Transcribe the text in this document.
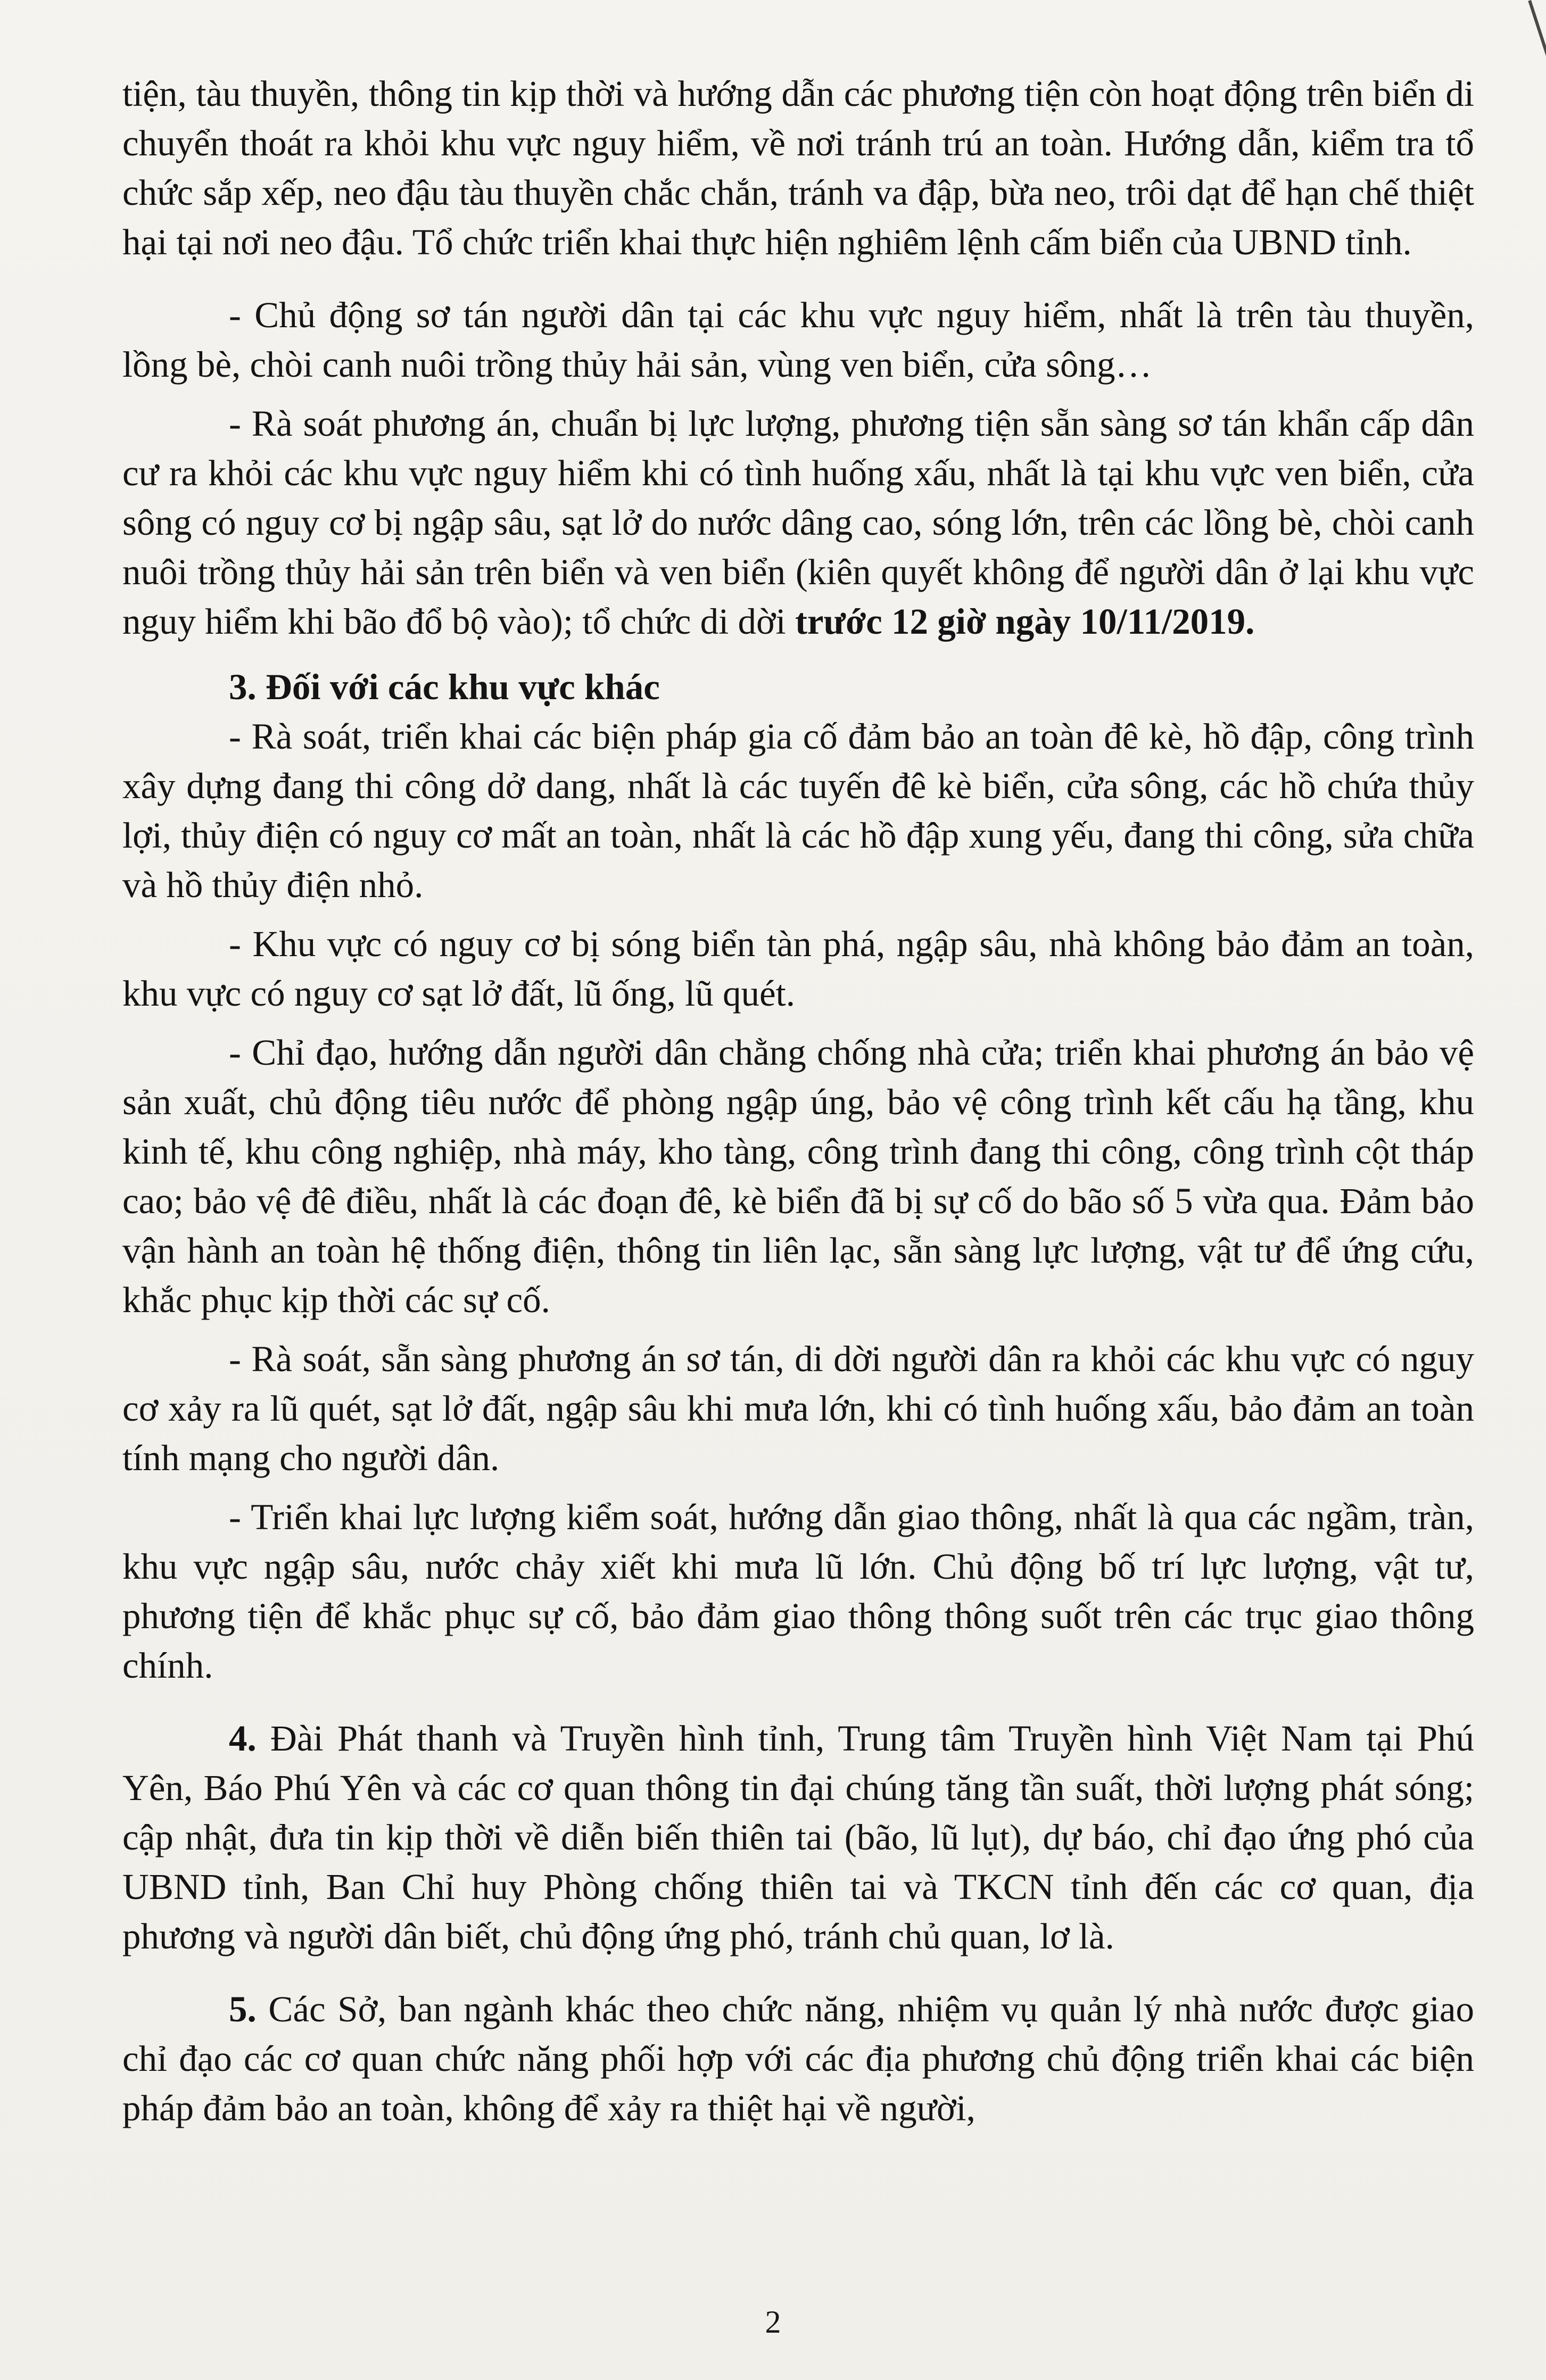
tiện, tàu thuyền, thông tin kịp thời và hướng dẫn các phương tiện còn hoạt động trên biển di chuyển thoát ra khỏi khu vực nguy hiểm, về nơi tránh trú an toàn. Hướng dẫn, kiểm tra tổ chức sắp xếp, neo đậu tàu thuyền chắc chắn, tránh va đập, bừa neo, trôi dạt để hạn chế thiệt hại tại nơi neo đậu. Tổ chức triển khai thực hiện nghiêm lệnh cấm biển của UBND tỉnh.

- Chủ động sơ tán người dân tại các khu vực nguy hiểm, nhất là trên tàu thuyền, lồng bè, chòi canh nuôi trồng thủy hải sản, vùng ven biển, cửa sông…

- Rà soát phương án, chuẩn bị lực lượng, phương tiện sẵn sàng sơ tán khẩn cấp dân cư ra khỏi các khu vực nguy hiểm khi có tình huống xấu, nhất là tại khu vực ven biển, cửa sông có nguy cơ bị ngập sâu, sạt lở do nước dâng cao, sóng lớn, trên các lồng bè, chòi canh nuôi trồng thủy hải sản trên biển và ven biển (kiên quyết không để người dân ở lại khu vực nguy hiểm khi bão đổ bộ vào); tổ chức di dời trước 12 giờ ngày 10/11/2019.

3. Đối với các khu vực khác

- Rà soát, triển khai các biện pháp gia cố đảm bảo an toàn đê kè, hồ đập, công trình xây dựng đang thi công dở dang, nhất là các tuyến đê kè biển, cửa sông, các hồ chứa thủy lợi, thủy điện có nguy cơ mất an toàn, nhất là các hồ đập xung yếu, đang thi công, sửa chữa và hồ thủy điện nhỏ.

- Khu vực có nguy cơ bị sóng biển tàn phá, ngập sâu, nhà không bảo đảm an toàn, khu vực có nguy cơ sạt lở đất, lũ ống, lũ quét.

- Chỉ đạo, hướng dẫn người dân chằng chống nhà cửa; triển khai phương án bảo vệ sản xuất, chủ động tiêu nước để phòng ngập úng, bảo vệ công trình kết cấu hạ tầng, khu kinh tế, khu công nghiệp, nhà máy, kho tàng, công trình đang thi công, công trình cột tháp cao; bảo vệ đê điều, nhất là các đoạn đê, kè biển đã bị sự cố do bão số 5 vừa qua. Đảm bảo vận hành an toàn hệ thống điện, thông tin liên lạc, sẵn sàng lực lượng, vật tư để ứng cứu, khắc phục kịp thời các sự cố.

- Rà soát, sẵn sàng phương án sơ tán, di dời người dân ra khỏi các khu vực có nguy cơ xảy ra lũ quét, sạt lở đất, ngập sâu khi mưa lớn, khi có tình huống xấu, bảo đảm an toàn tính mạng cho người dân.

- Triển khai lực lượng kiểm soát, hướng dẫn giao thông, nhất là qua các ngầm, tràn, khu vực ngập sâu, nước chảy xiết khi mưa lũ lớn. Chủ động bố trí lực lượng, vật tư, phương tiện để khắc phục sự cố, bảo đảm giao thông thông suốt trên các trục giao thông chính.

4. Đài Phát thanh và Truyền hình tỉnh, Trung tâm Truyền hình Việt Nam tại Phú Yên, Báo Phú Yên và các cơ quan thông tin đại chúng tăng tần suất, thời lượng phát sóng; cập nhật, đưa tin kịp thời về diễn biến thiên tai (bão, lũ lụt), dự báo, chỉ đạo ứng phó của UBND tỉnh, Ban Chỉ huy Phòng chống thiên tai và TKCN tỉnh đến các cơ quan, địa phương và người dân biết, chủ động ứng phó, tránh chủ quan, lơ là.

5. Các Sở, ban ngành khác theo chức năng, nhiệm vụ quản lý nhà nước được giao chỉ đạo các cơ quan chức năng phối hợp với các địa phương chủ động triển khai các biện pháp đảm bảo an toàn, không để xảy ra thiệt hại về người,

2
